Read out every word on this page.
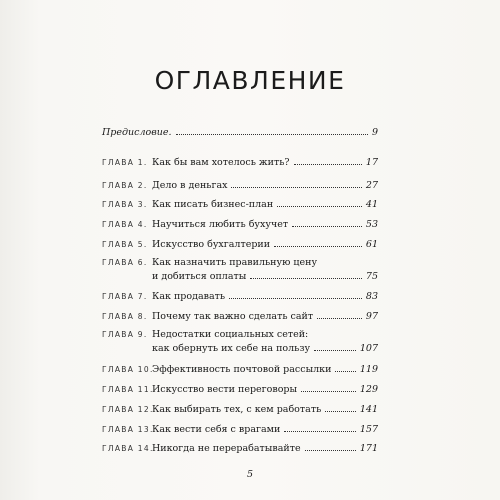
ОГЛАВЛЕНИЕ
Предисловие.	9
ГЛАВА 1. Как бы вам хотелось жить?	17
ГЛАВА 2. Дело в деньгах	27
ГЛАВА 3. Как писать бизнес-план	41
ГЛАВА 4. Научиться любить бухучет	53
ГЛАВА 5. Искусство бухгалтерии	61
ГЛАВА 6. Как назначить правильную цену
и добиться оплаты	75
ГЛАВА 7. Как продавать	83
ГЛАВА 8. Почему так важно сделать сайт	97
ГЛАВА 9. Недостатки социальных сетей:
как обернуть их себе на пользу	107
ГЛАВА 10.
Эффективность почтовой рассылки	119
ГЛАВА 11.
Искусство вести переговоры	129
ГЛАВА 12.
Как выбирать тех, с кем работать	141
ГЛАВА 13.
Как вести себя с врагами	157
ГЛАВА 14.
Никогда не перерабатывайте	171
5
